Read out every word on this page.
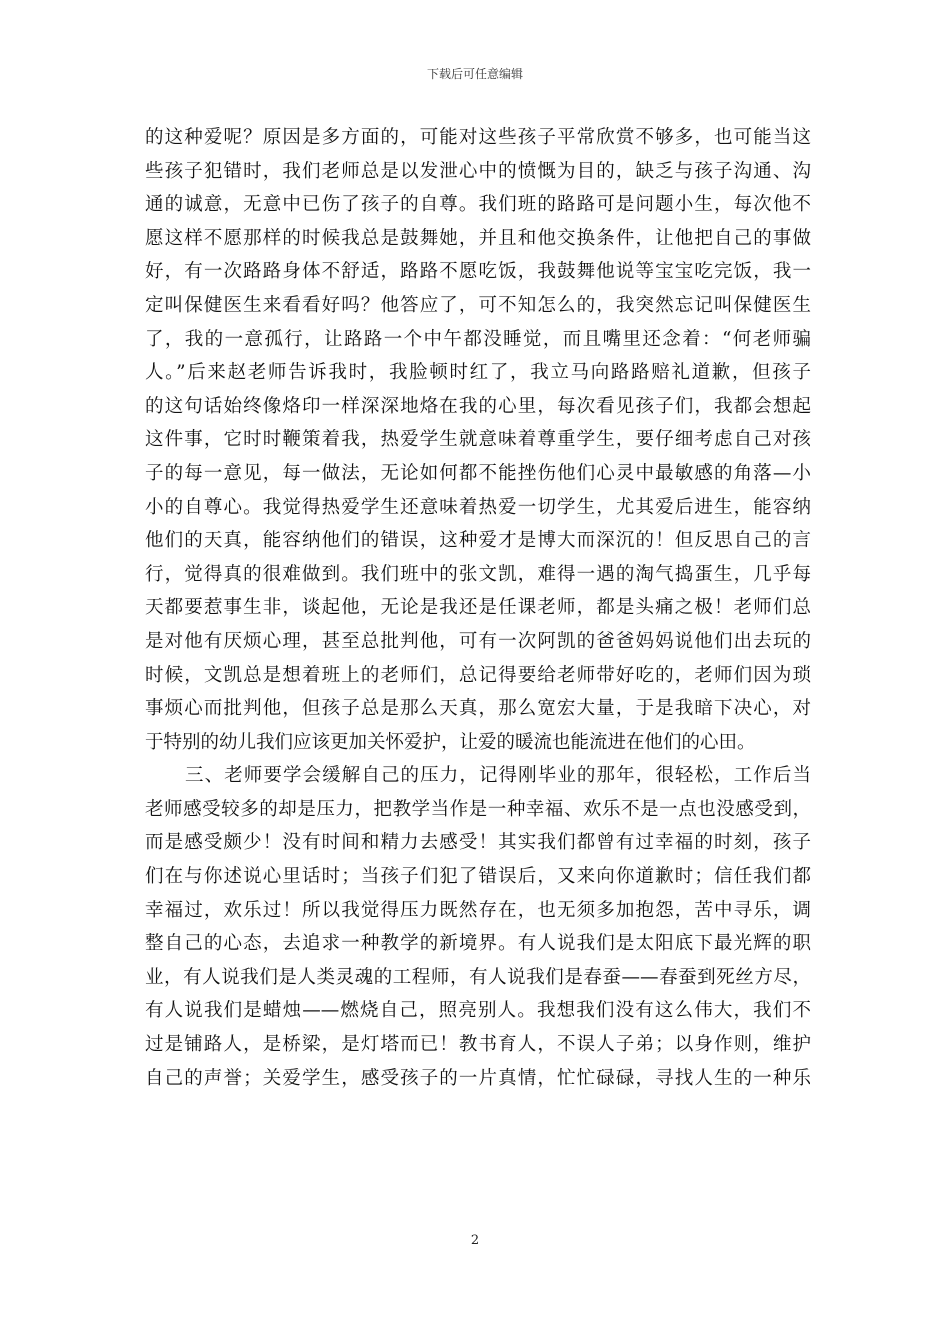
下载后可任意编辑
的这种爱呢？原因是多方面的，可能对这些孩子平常欣赏不够多，也可能当这
些孩子犯错时，我们老师总是以发泄心中的愤慨为目的，缺乏与孩子沟通、沟
通的诚意，无意中已伤了孩子的自尊。我们班的路路可是问题小生，每次他不
愿这样不愿那样的时候我总是鼓舞她，并且和他交换条件，让他把自己的事做
好，有一次路路身体不舒适，路路不愿吃饭，我鼓舞他说等宝宝吃完饭，我一
定叫保健医生来看看好吗？他答应了，可不知怎么的，我突然忘记叫保健医生
了，我的一意孤行，让路路一个中午都没睡觉，而且嘴里还念着：“何老师骗
人。”后来赵老师告诉我时，我脸顿时红了，我立马向路路赔礼道歉，但孩子
的这句话始终像烙印一样深深地烙在我的心里，每次看见孩子们，我都会想起
这件事，它时时鞭策着我，热爱学生就意味着尊重学生，要仔细考虑自己对孩
子的每一意见，每一做法，无论如何都不能挫伤他们心灵中最敏感的角落—小
小的自尊心。我觉得热爱学生还意味着热爱一切学生，尤其爱后进生，能容纳
他们的天真，能容纳他们的错误，这种爱才是博大而深沉的！但反思自己的言
行，觉得真的很难做到。我们班中的张文凯，难得一遇的淘气捣蛋生，几乎每
天都要惹事生非，谈起他，无论是我还是任课老师，都是头痛之极！老师们总
是对他有厌烦心理，甚至总批判他，可有一次阿凯的爸爸妈妈说他们出去玩的
时候，文凯总是想着班上的老师们，总记得要给老师带好吃的，老师们因为琐
事烦心而批判他，但孩子总是那么天真，那么宽宏大量，于是我暗下决心，对
于特别的幼儿我们应该更加关怀爱护，让爱的暖流也能流进在他们的心田。
三、老师要学会缓解自己的压力，记得刚毕业的那年，很轻松，工作后当
老师感受较多的却是压力，把教学当作是一种幸福、欢乐不是一点也没感受到，
而是感受颇少！没有时间和精力去感受！其实我们都曾有过幸福的时刻，孩子
们在与你述说心里话时；当孩子们犯了错误后，又来向你道歉时；信任我们都
幸福过，欢乐过！所以我觉得压力既然存在，也无须多加抱怨，苦中寻乐，调
整自己的心态，去追求一种教学的新境界。有人说我们是太阳底下最光辉的职
业，有人说我们是人类灵魂的工程师，有人说我们是春蚕——春蚕到死丝方尽，
有人说我们是蜡烛——燃烧自己，照亮别人。我想我们没有这么伟大，我们不
过是铺路人，是桥梁，是灯塔而已！教书育人，不误人子弟；以身作则，维护
自己的声誉；关爱学生，感受孩子的一片真情，忙忙碌碌，寻找人生的一种乐
2
